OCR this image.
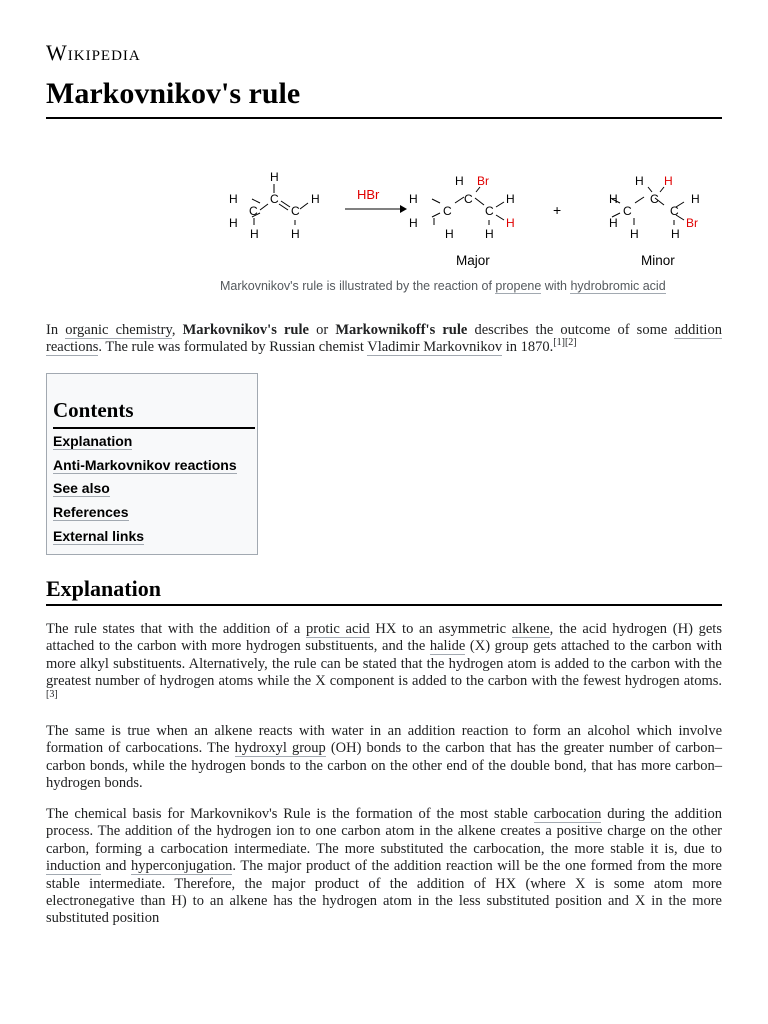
Wikipedia
Markovnikov's rule
H
H
C
H
H
C
C
H
H
H
H
C
H
H
C
C
H
H
H
H
C
H
H
C
C
H
H
Br
H
H
Br
HBr
+
Major	Minor
Markovnikov's rule is illustrated by the reaction of propene with hydrobromic acid

In organic chemistry, Markovnikov's rule or Markownikoff's rule describes the outcome of some addition reactions. The rule was formulated by Russian chemist Vladimir Markovnikov in 1870.[1][2]

Contents
Explanation
Anti-Markovnikov reactions
See also
References
External links
Explanation

The rule states that with the addition of a protic acid HX to an asymmetric alkene, the acid hydrogen (H) gets attached to the carbon with more hydrogen substituents, and the halide (X) group gets attached to the carbon with more alkyl substituents. Alternatively, the rule can be stated that the hydrogen atom is added to the carbon with the greatest number of hydrogen atoms while the X component is added to the carbon with the fewest hydrogen atoms.[3]

The same is true when an alkene reacts with water in an addition reaction to form an alcohol which involve formation of carbocations. The hydroxyl group (OH) bonds to the carbon that has the greater number of carbon–carbon bonds, while the hydrogen bonds to the carbon on the other end of the double bond, that has more carbon–hydrogen bonds.

The chemical basis for Markovnikov's Rule is the formation of the most stable carbocation during the addition process. The addition of the hydrogen ion to one carbon atom in the alkene creates a positive charge on the other carbon, forming a carbocation intermediate. The more substituted the carbocation, the more stable it is, due to induction and hyperconjugation. The major product of the addition reaction will be the one formed from the more stable intermediate. Therefore, the major product of the addition of HX (where X is some atom more electronegative than H) to an alkene has the hydrogen atom in the less substituted position and X in the more substituted position
